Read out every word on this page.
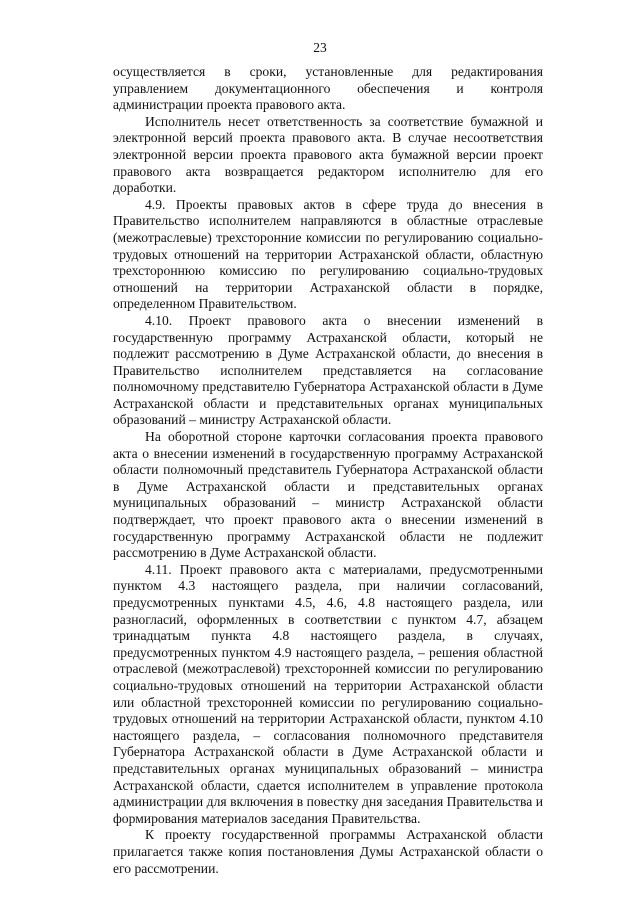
23

осуществляется в сроки, установленные для редактирования управлением документационного обеспечения и контроля администрации проекта правового акта.

Исполнитель несет ответственность за соответствие бумажной и электронной версий проекта правового акта. В случае несоответствия электронной версии проекта правового акта бумажной версии проект правового акта возвращается редактором исполнителю для его доработки.

4.9. Проекты правовых актов в сфере труда до внесения в Правительство исполнителем направляются в областные отраслевые (межотраслевые) трехсторонние комиссии по регулированию социально-трудовых отношений на территории Астраханской области, областную трехстороннюю комиссию по регулированию социально-трудовых отношений на территории Астраханской области в порядке, определенном Правительством.

4.10. Проект правового акта о внесении изменений в государственную программу Астраханской области, который не подлежит рассмотрению в Думе Астраханской области, до внесения в Правительство исполнителем представляется на согласование полномочному представителю Губернатора Астраханской области в Думе Астраханской области и представительных органах муниципальных образований – министру Астраханской области.

На оборотной стороне карточки согласования проекта правового акта о внесении изменений в государственную программу Астраханской области полномочный представитель Губернатора Астраханской области в Думе Астраханской области и представительных органах муниципальных образований – министр Астраханской области подтверждает, что проект правового акта о внесении изменений в государственную программу Астраханской области не подлежит рассмотрению в Думе Астраханской области.

4.11. Проект правового акта с материалами, предусмотренными пунктом 4.3 настоящего раздела, при наличии согласований, предусмотренных пунктами 4.5, 4.6, 4.8 настоящего раздела, или разногласий, оформленных в соответствии с пунктом 4.7, абзацем тринадцатым пункта 4.8 настоящего раздела, в случаях, предусмотренных пунктом 4.9 настоящего раздела, – решения областной отраслевой (межотраслевой) трехсторонней комиссии по регулированию социально-трудовых отношений на территории Астраханской области или областной трехсторонней комиссии по регулированию социально-трудовых отношений на территории Астраханской области, пунктом 4.10 настоящего раздела, – согласования полномочного представителя Губернатора Астраханской области в Думе Астраханской области и представительных органах муниципальных образований – министра Астраханской области, сдается исполнителем в управление протокола администрации для включения в повестку дня заседания Правительства и формирования материалов заседания Правительства.

К проекту государственной программы Астраханской области прилагается также копия постановления Думы Астраханской области о его рассмотрении.
